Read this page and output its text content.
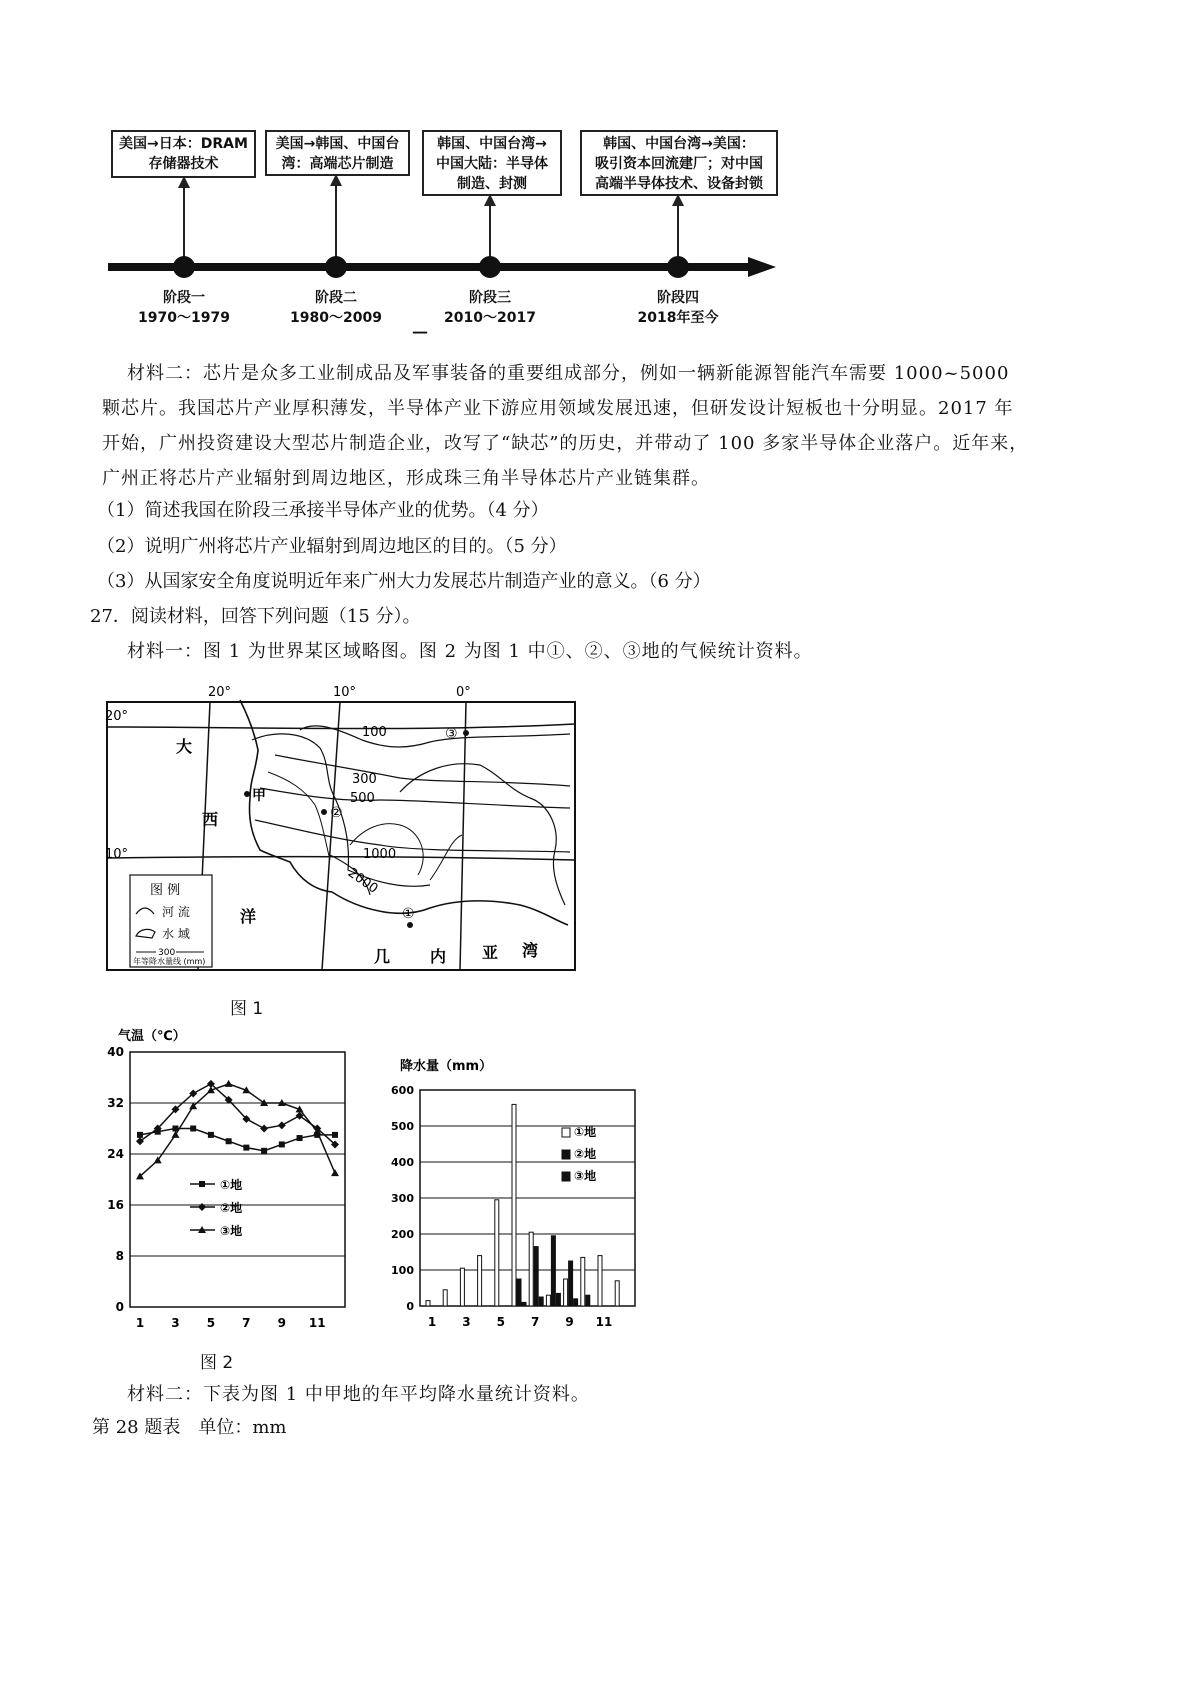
美国→日本：DRAM
存储器技术
美国→韩国、中国台
湾：高端芯片制造
韩国、中国台湾→
中国大陆：半导体
制造、封测
韩国、中国台湾→美国：
吸引资本回流建厂；对中国
高端半导体技术、设备封锁
阶段一
1970～1979
阶段二
1980～2009
阶段三
2010～2017
阶段四
2018年至今
—
材料二：芯片是众多工业制成品及军事装备的重要组成部分，例如一辆新能源智能汽车需要 1000~5000
颗芯片。我国芯片产业厚积薄发，半导体产业下游应用领域发展迅速，但研发设计短板也十分明显。2017 年
开始，广州投资建设大型芯片制造企业，改写了“缺芯”的历史，并带动了 100 多家半导体企业落户。近年来，
广州正将芯片产业辐射到周边地区，形成珠三角半导体芯片产业链集群。
（1）简述我国在阶段三承接半导体产业的优势。（4 分）
（2）说明广州将芯片产业辐射到周边地区的目的。（5 分）
（3）从国家安全角度说明近年来广州大力发展芯片制造产业的意义。（6 分）
27．阅读材料，回答下列问题（15 分）。
材料一：图 1 为世界某区域略图。图 2 为图 1 中①、②、③地的气候统计资料。
100
300
500
1000
2000
20°	10°	0°
20°
10°
大
西
洋
几 内 亚 湾
甲
①
②
③
图 例
河 流
水 域
300
年等降水量线 (mm)
图 1
气温（℃）
0
8
16
24
32
40
1 3 5 7 9 11
①地
②地
③地
降水量（mm）
0
100
200
300
400
500
600
1 3 5 7 9 11
①地
②地
③地
图 2
材料二：下表为图 1 中甲地的年平均降水量统计资料。
第 28 题表　单位：mm
